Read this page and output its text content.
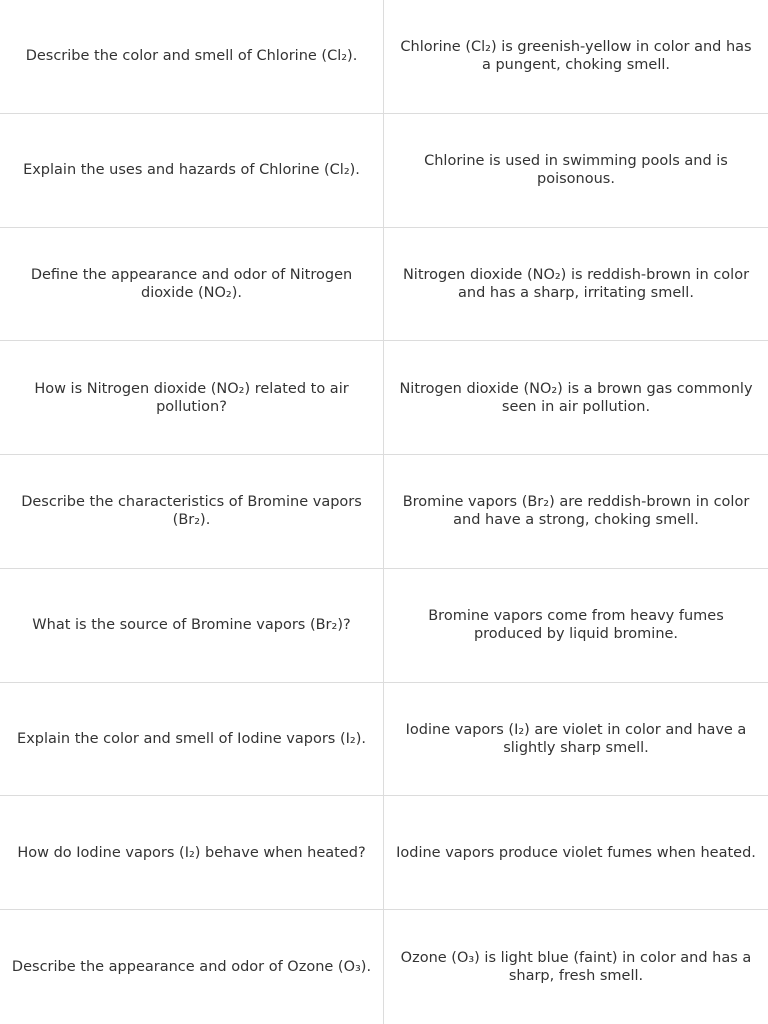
Describe the color and smell of Chlorine (Cl₂).
Chlorine (Cl₂) is greenish-yellow in color and has a pungent, choking smell.
Explain the uses and hazards of Chlorine (Cl₂).
Chlorine is used in swimming pools and is poisonous.
Define the appearance and odor of Nitrogen dioxide (NO₂).
Nitrogen dioxide (NO₂) is reddish-brown in color and has a sharp, irritating smell.
How is Nitrogen dioxide (NO₂) related to air pollution?
Nitrogen dioxide (NO₂) is a brown gas commonly seen in air pollution.
Describe the characteristics of Bromine vapors (Br₂).
Bromine vapors (Br₂) are reddish-brown in color and have a strong, choking smell.
What is the source of Bromine vapors (Br₂)?
Bromine vapors come from heavy fumes produced by liquid bromine.
Explain the color and smell of Iodine vapors (I₂).
Iodine vapors (I₂) are violet in color and have a slightly sharp smell.
How do Iodine vapors (I₂) behave when heated? Iodine vapors produce violet fumes when heated.
Describe the appearance and odor of Ozone (O₃).
Ozone (O₃) is light blue (faint) in color and has a sharp, fresh smell.
